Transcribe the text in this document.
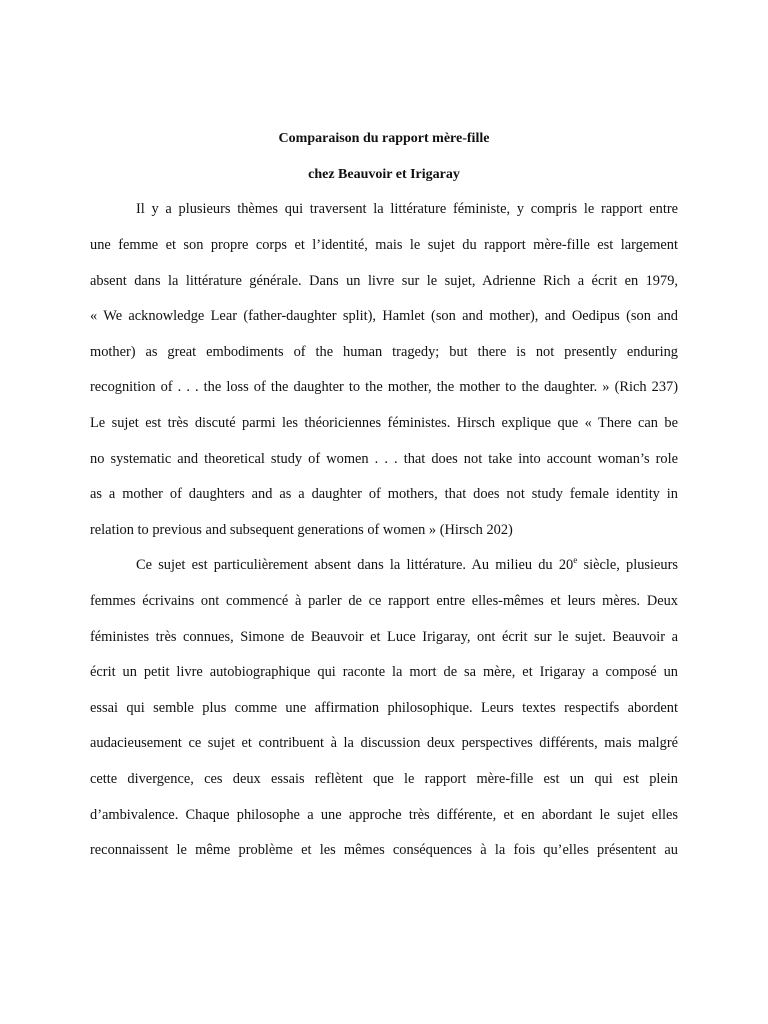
Comparaison du rapport mère-fille

chez Beauvoir et Irigaray

Il y a plusieurs thèmes qui traversent la littérature féministe, y compris le rapport entre

une femme et son propre corps et l’identité, mais le sujet du rapport mère-fille est largement

absent dans la littérature générale. Dans un livre sur le sujet, Adrienne Rich a écrit en 1979,

« We acknowledge Lear (father-daughter split), Hamlet (son and mother), and Oedipus (son and

mother) as great embodiments of the human tragedy; but there is not presently enduring

recognition of . . . the loss of the daughter to the mother, the mother to the daughter. » (Rich 237)

Le sujet est très discuté parmi les théoriciennes féministes. Hirsch explique que « There can be

no systematic and theoretical study of women . . . that does not take into account woman’s role

as a mother of daughters and as a daughter of mothers, that does not study female identity in

relation to previous and subsequent generations of women » (Hirsch 202)

Ce sujet est particulièrement absent dans la littérature. Au milieu du 20e siècle, plusieurs

femmes écrivains ont commencé à parler de ce rapport entre elles-mêmes et leurs mères. Deux

féministes très connues, Simone de Beauvoir et Luce Irigaray, ont écrit sur le sujet. Beauvoir a

écrit un petit livre autobiographique qui raconte la mort de sa mère, et Irigaray a composé un

essai qui semble plus comme une affirmation philosophique. Leurs textes respectifs abordent

audacieusement ce sujet et contribuent à la discussion deux perspectives différents, mais malgré

cette divergence, ces deux essais reflètent que le rapport mère-fille est un qui est plein

d’ambivalence. Chaque philosophe a une approche très différente, et en abordant le sujet elles

reconnaissent le même problème et les mêmes conséquences à la fois qu’elles présentent au
